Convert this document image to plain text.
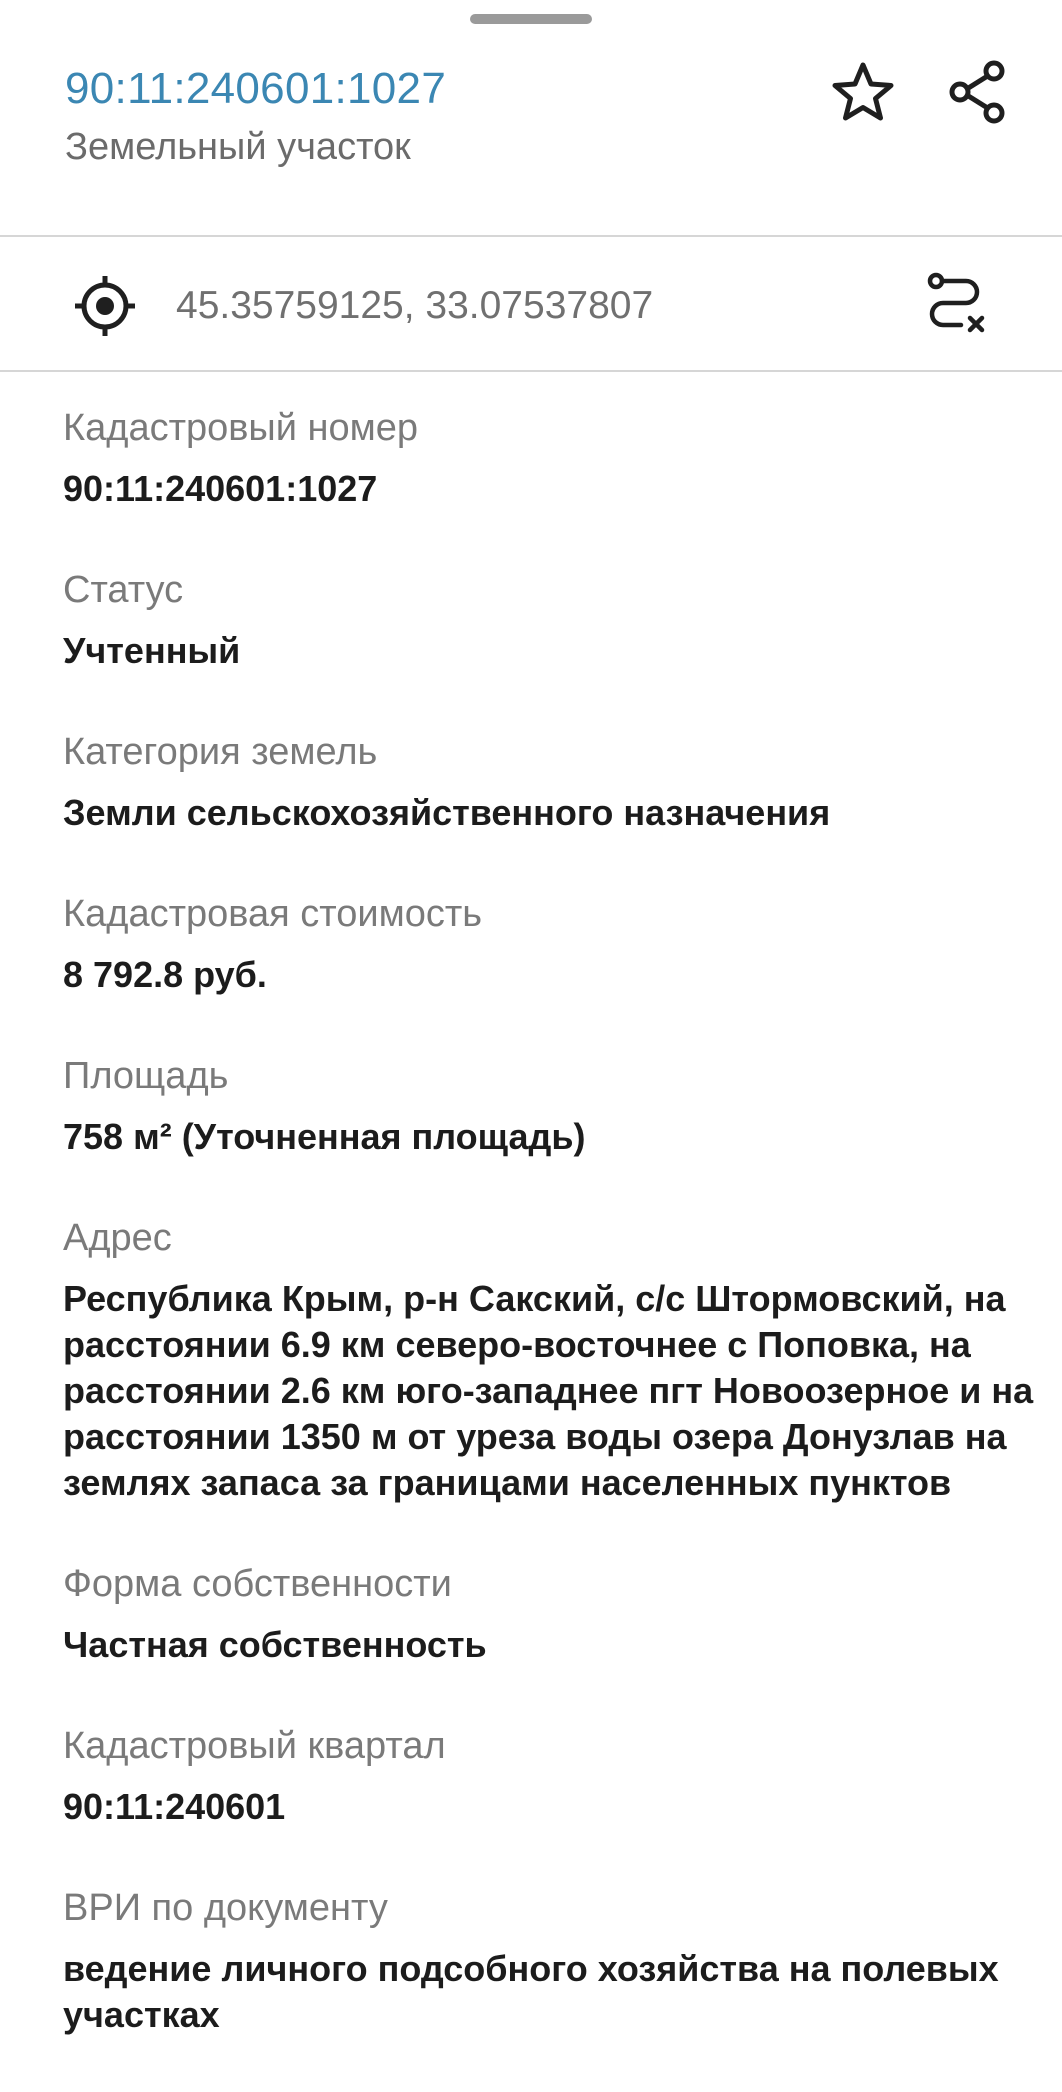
90:11:240601:1027
Земельный участок
45.35759125, 33.07537807
Кадастровый номер
90:11:240601:1027
Статус
Учтенный
Категория земель
Земли сельскохозяйственного назначения
Кадастровая стоимость
8 792.8 руб.
Площадь
758 м² (Уточненная площадь)
Адрес
Республика Крым, р-н Сакский, с/с Штормовский, на расстоянии 6.9 км северо-восточнее с Поповка, на расстоянии 2.6 км юго-западнее пгт Новоозерное и на расстоянии 1350 м от уреза воды озера Донузлав на землях запаса за границами населенных пунктов
Форма собственности
Частная собственность
Кадастровый квартал
90:11:240601
ВРИ по документу
ведение личного подсобного хозяйства на полевых участках
